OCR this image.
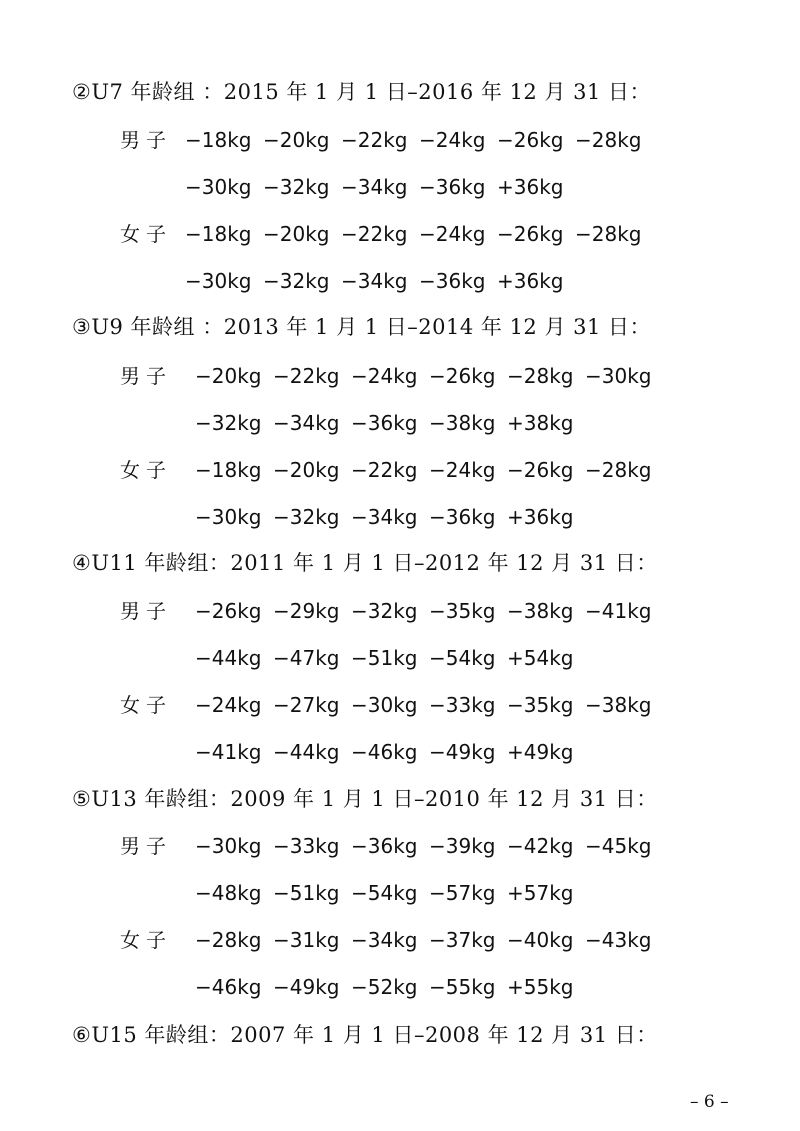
②U7 年龄组 ：2015 年 1 月 1 日–2016 年 12 月 31 日：
男子 −18kg −20kg −22kg −24kg −26kg −28kg
−30kg −32kg −34kg −36kg +36kg
女子 −18kg −20kg −22kg −24kg −26kg −28kg
−30kg −32kg −34kg −36kg +36kg
③U9 年龄组 ：2013 年 1 月 1 日–2014 年 12 月 31 日：
男子 −20kg −22kg −24kg −26kg −28kg −30kg
−32kg −34kg −36kg −38kg +38kg
女子 −18kg −20kg −22kg −24kg −26kg −28kg
−30kg −32kg −34kg −36kg +36kg
④U11 年龄组：2011 年 1 月 1 日–2012 年 12 月 31 日：
男子 −26kg −29kg −32kg −35kg −38kg −41kg
−44kg −47kg −51kg −54kg +54kg
女子 −24kg −27kg −30kg −33kg −35kg −38kg
−41kg −44kg −46kg −49kg +49kg
⑤U13 年龄组：2009 年 1 月 1 日–2010 年 12 月 31 日：
男子 −30kg −33kg −36kg −39kg −42kg −45kg
−48kg −51kg −54kg −57kg +57kg
女子 −28kg −31kg −34kg −37kg −40kg −43kg
−46kg −49kg −52kg −55kg +55kg
⑥U15 年龄组：2007 年 1 月 1 日–2008 年 12 月 31 日：
– 6 –
